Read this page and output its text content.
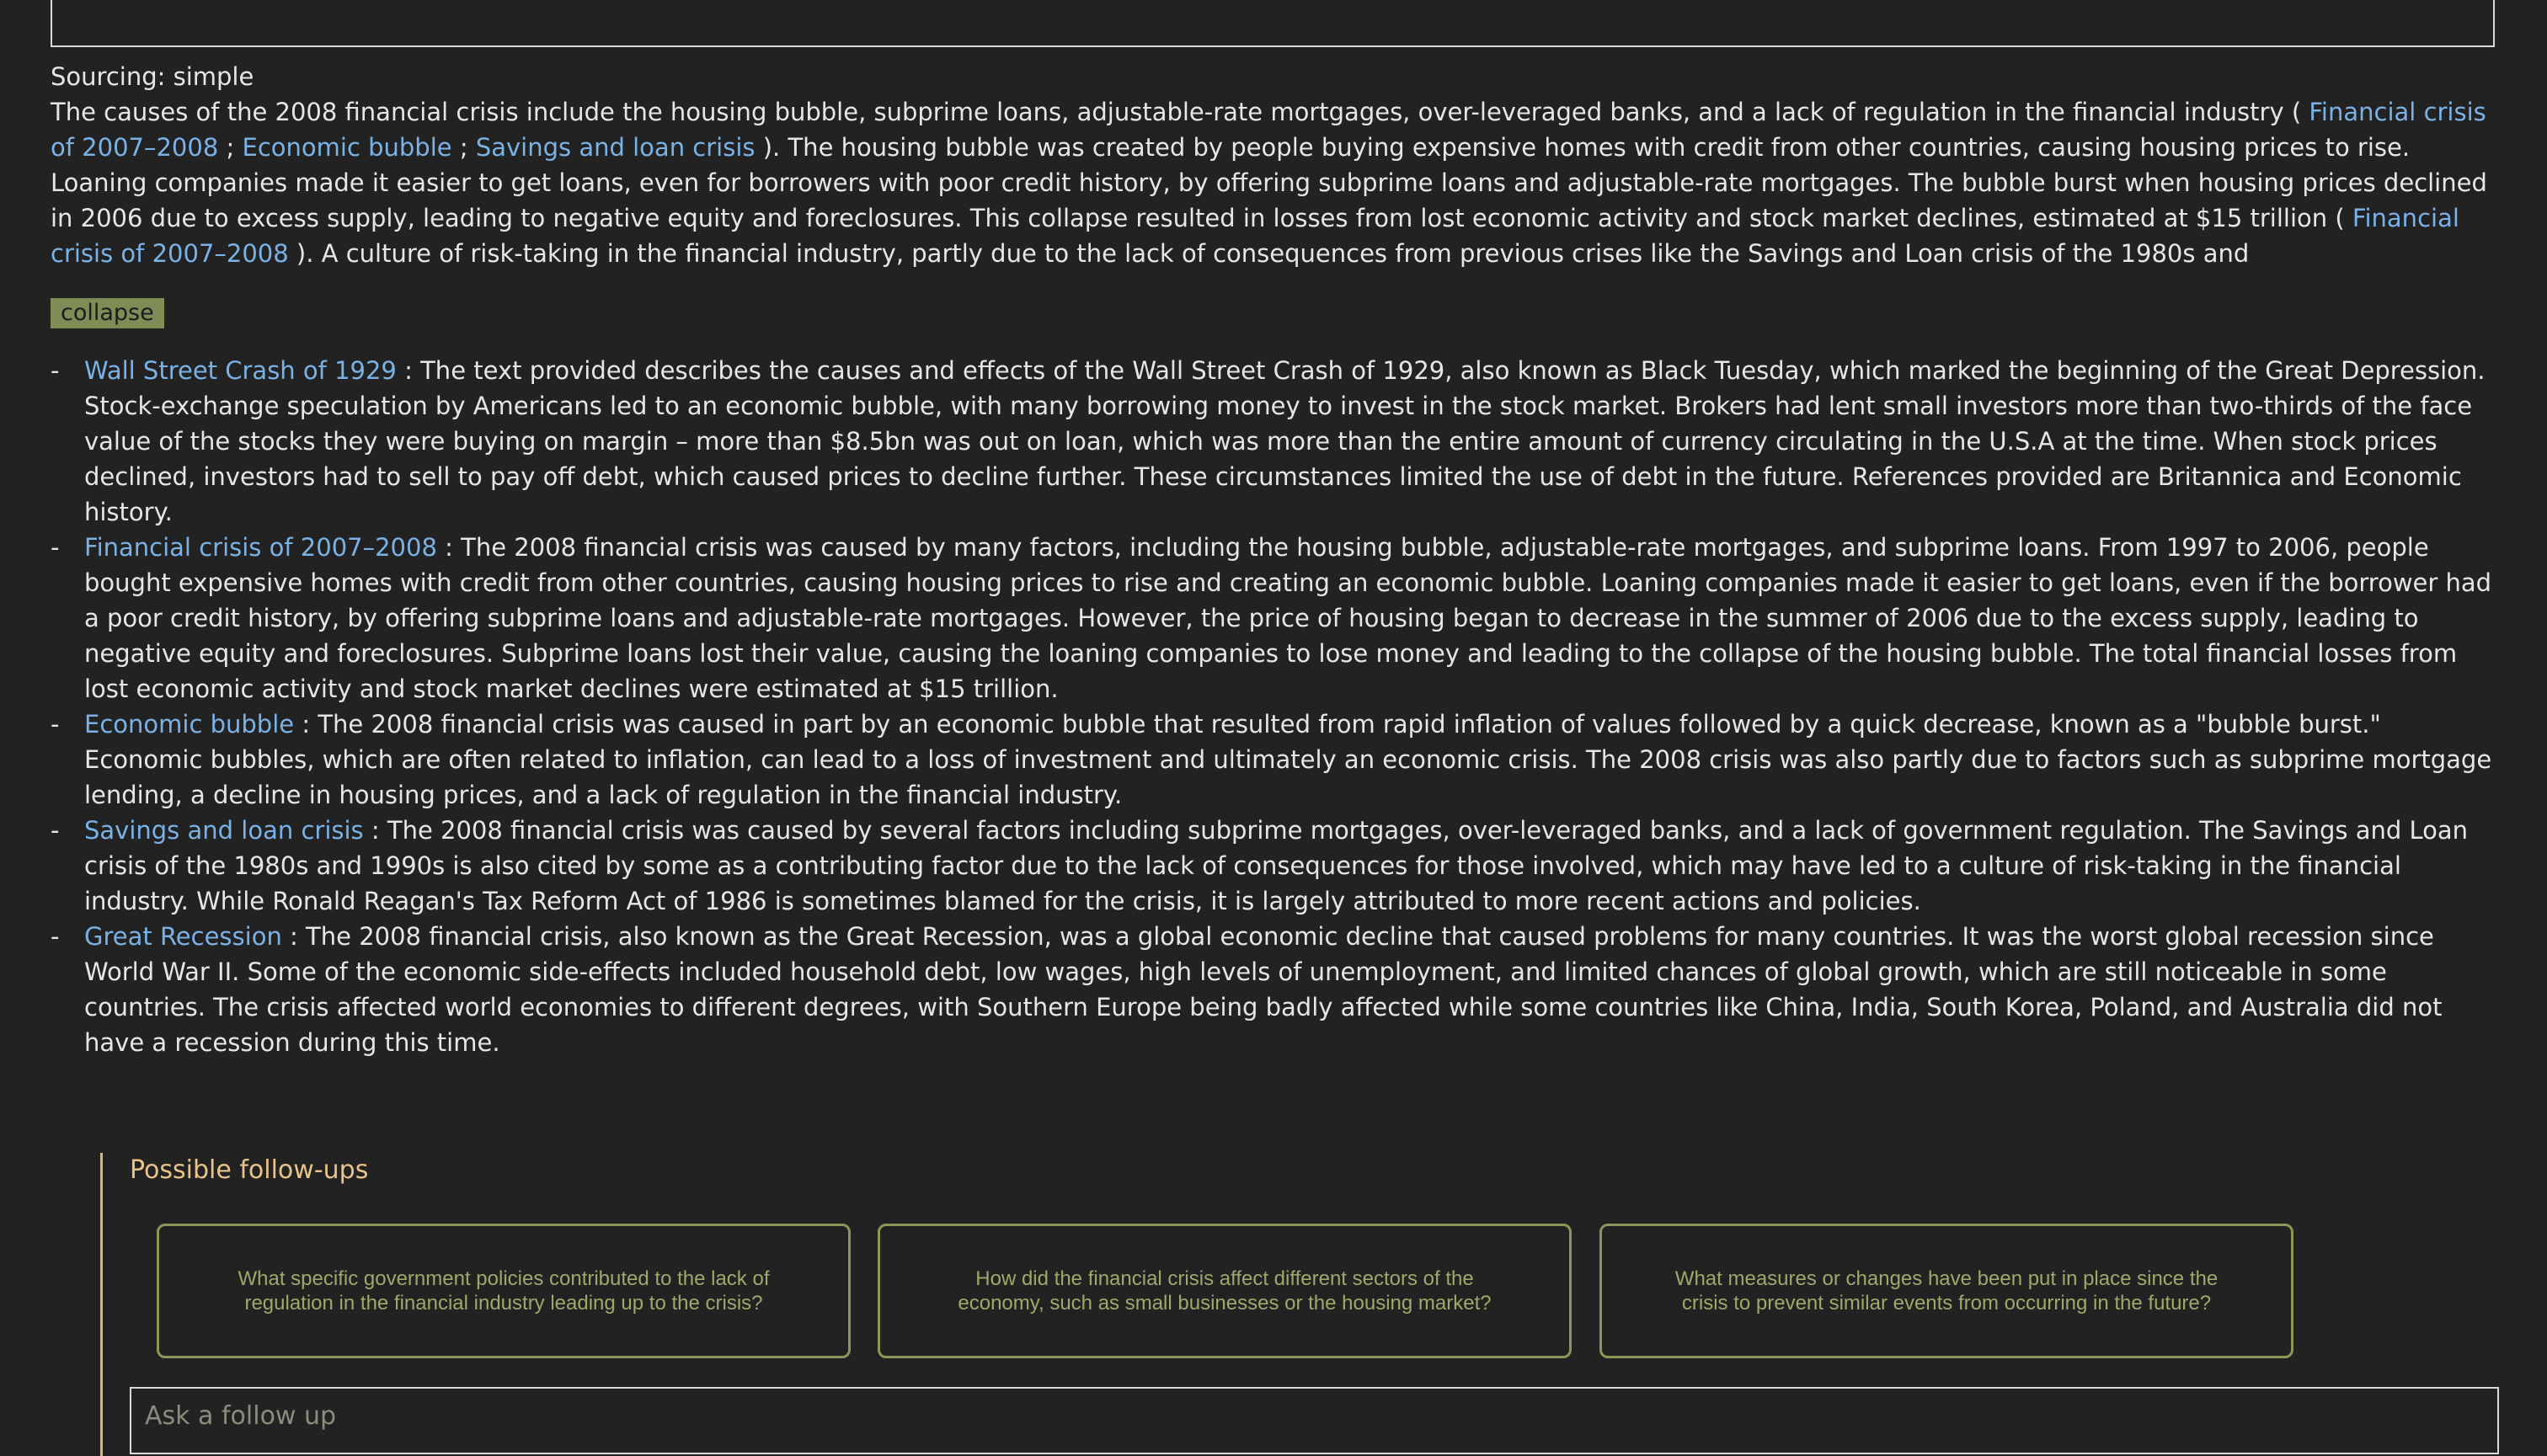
Sourcing: simple
The causes of the 2008 financial crisis include the housing bubble, subprime loans, adjustable-rate mortgages, over-leveraged banks, and a lack of regulation in the financial industry ( Financial crisis of 2007–2008 ; Economic bubble ; Savings and loan crisis ). The housing bubble was created by people buying expensive homes with credit from other countries, causing housing prices to rise. Loaning companies made it easier to get loans, even for borrowers with poor credit history, by offering subprime loans and adjustable-rate mortgages. The bubble burst when housing prices declined in 2006 due to excess supply, leading to negative equity and foreclosures. This collapse resulted in losses from lost economic activity and stock market declines, estimated at $15 trillion ( Financial crisis of 2007–2008 ). A culture of risk-taking in the financial industry, partly due to the lack of consequences from previous crises like the Savings and Loan crisis of the 1980s and
collapse
- Wall Street Crash of 1929 : The text provided describes the causes and effects of the Wall Street Crash of 1929, also known as Black Tuesday, which marked the beginning of the Great Depression. Stock-exchange speculation by Americans led to an economic bubble, with many borrowing money to invest in the stock market. Brokers had lent small investors more than two-thirds of the face value of the stocks they were buying on margin – more than $8.5bn was out on loan, which was more than the entire amount of currency circulating in the U.S.A at the time. When stock prices declined, investors had to sell to pay off debt, which caused prices to decline further. These circumstances limited the use of debt in the future. References provided are Britannica and Economic history.
- Financial crisis of 2007–2008 : The 2008 financial crisis was caused by many factors, including the housing bubble, adjustable-rate mortgages, and subprime loans. From 1997 to 2006, people bought expensive homes with credit from other countries, causing housing prices to rise and creating an economic bubble. Loaning companies made it easier to get loans, even if the borrower had a poor credit history, by offering subprime loans and adjustable-rate mortgages. However, the price of housing began to decrease in the summer of 2006 due to the excess supply, leading to negative equity and foreclosures. Subprime loans lost their value, causing the loaning companies to lose money and leading to the collapse of the housing bubble. The total financial losses from lost economic activity and stock market declines were estimated at $15 trillion.
- Economic bubble : The 2008 financial crisis was caused in part by an economic bubble that resulted from rapid inflation of values followed by a quick decrease, known as a "bubble burst." Economic bubbles, which are often related to inflation, can lead to a loss of investment and ultimately an economic crisis. The 2008 crisis was also partly due to factors such as subprime mortgage lending, a decline in housing prices, and a lack of regulation in the financial industry.
- Savings and loan crisis : The 2008 financial crisis was caused by several factors including subprime mortgages, over-leveraged banks, and a lack of government regulation. The Savings and Loan crisis of the 1980s and 1990s is also cited by some as a contributing factor due to the lack of consequences for those involved, which may have led to a culture of risk-taking in the financial industry. While Ronald Reagan's Tax Reform Act of 1986 is sometimes blamed for the crisis, it is largely attributed to more recent actions and policies.
- Great Recession : The 2008 financial crisis, also known as the Great Recession, was a global economic decline that caused problems for many countries. It was the worst global recession since World War II. Some of the economic side-effects included household debt, low wages, high levels of unemployment, and limited chances of global growth, which are still noticeable in some countries. The crisis affected world economies to different degrees, with Southern Europe being badly affected while some countries like China, India, South Korea, Poland, and Australia did not have a recession during this time.
Possible follow-ups
What specific government policies contributed to the lack of regulation in the financial industry leading up to the crisis?
How did the financial crisis affect different sectors of the economy, such as small businesses or the housing market?
What measures or changes have been put in place since the crisis to prevent similar events from occurring in the future?
Ask a follow up
